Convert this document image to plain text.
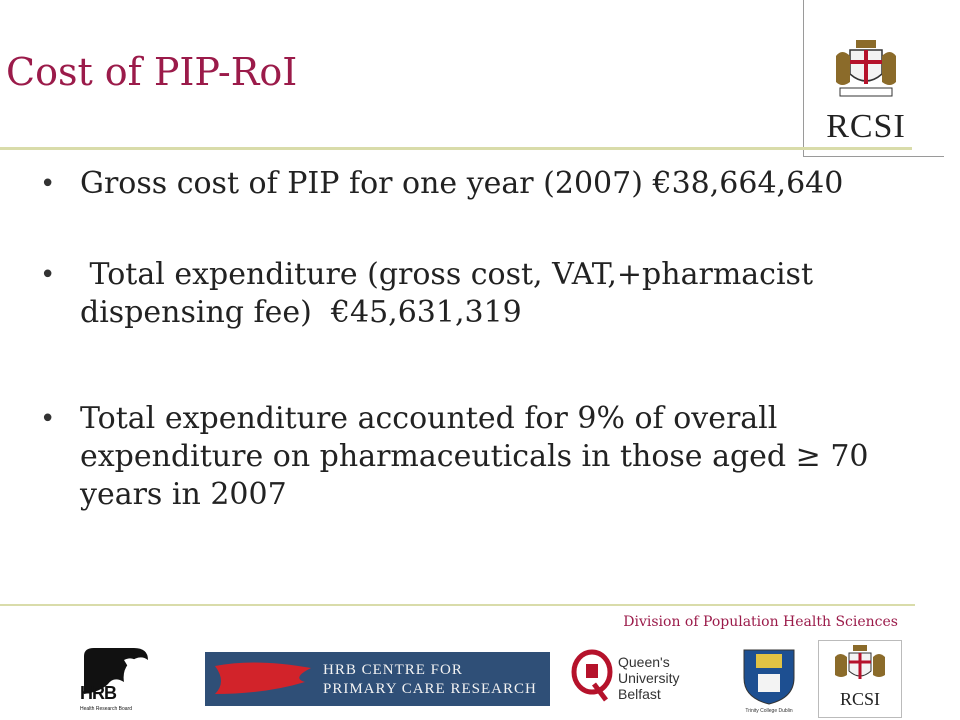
Cost of PIP-RoI
RCSI
• Gross cost of PIP for one year (2007) €38,664,640
• Total expenditure (gross cost, VAT,+pharmacist
dispensing fee)  €45,631,319
• Total expenditure accounted for 9% of overall
expenditure on pharmaceuticals in those aged ≥ 70
years in 2007
Division of Population Health Sciences
HRB
Health Research Board
HRB CENTRE FOR
PRIMARY CARE RESEARCH
Queen's University
Belfast
Trinity College Dublin
RCSI
